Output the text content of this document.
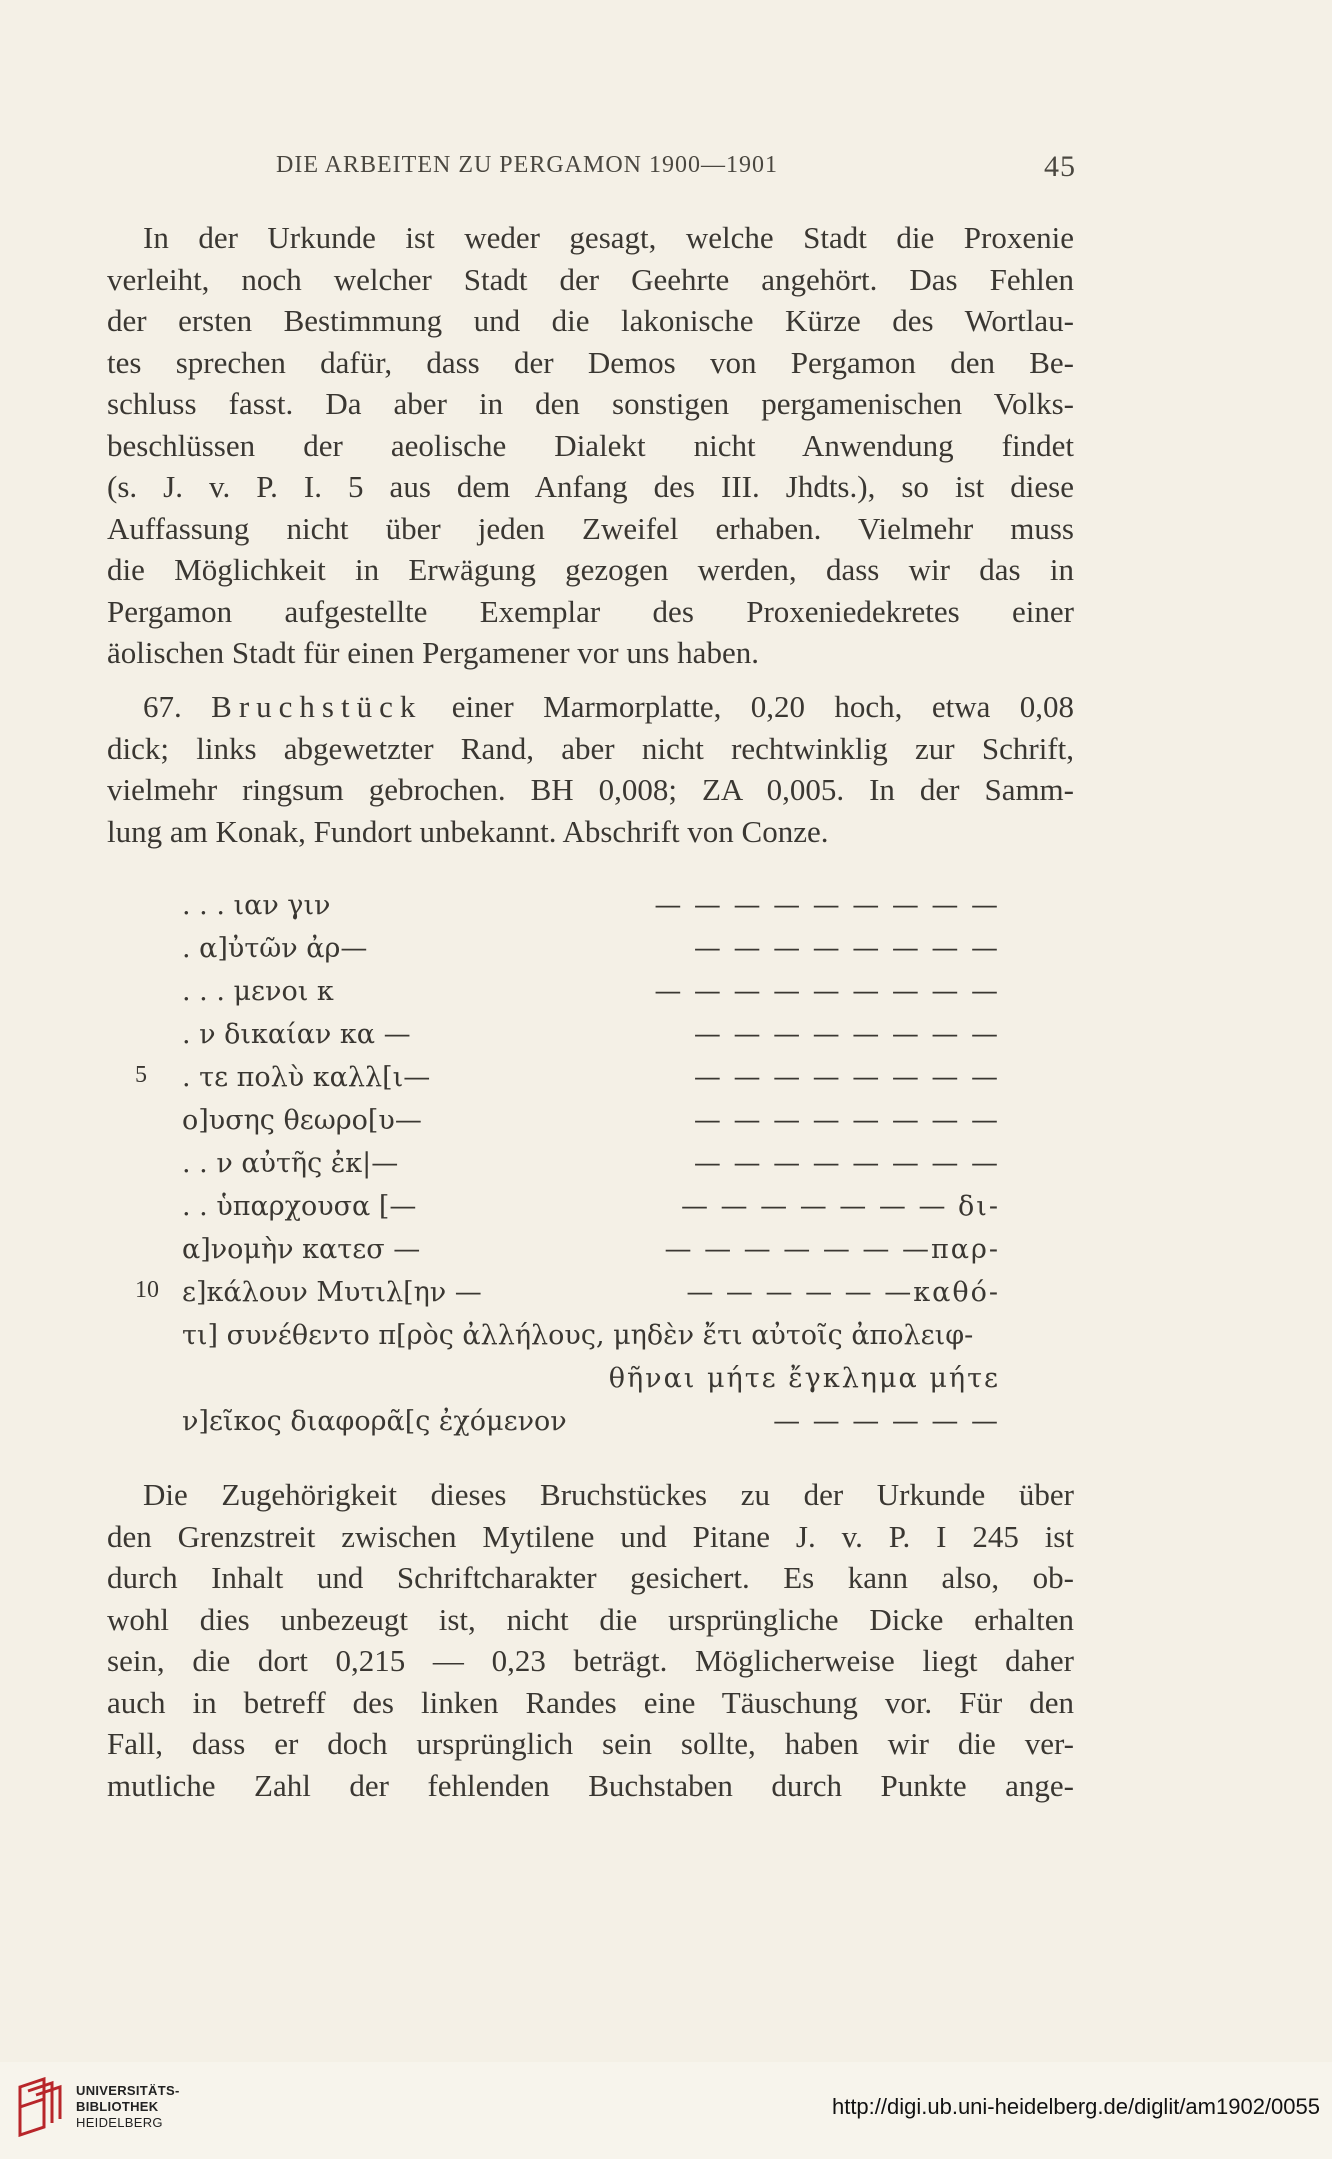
DIE ARBEITEN ZU PERGAMON 1900—1901	45
In der Urkunde ist weder gesagt, welche Stadt die Proxenie
verleiht, noch welcher Stadt der Geehrte angehört. Das Fehlen
der ersten Bestimmung und die lakonische Kürze des Wortlau-
tes sprechen dafür, dass der Demos von Pergamon den Be-
schluss fasst. Da aber in den sonstigen pergamenischen Volks-
beschlüssen der aeolische Dialekt nicht Anwendung findet
(s. J. v. P. I. 5 aus dem Anfang des III. Jhdts.), so ist diese
Auffassung nicht über jeden Zweifel erhaben. Vielmehr muss
die Möglichkeit in Erwägung gezogen werden, dass wir das in
Pergamon aufgestellte Exemplar des Proxeniedekretes einer
äolischen Stadt für einen Pergamener vor uns haben.
67. Bruchstück einer Marmorplatte, 0,20 hoch, etwa 0,08
dick; links abgewetzter Rand, aber nicht rechtwinklig zur Schrift,
vielmehr ringsum gebrochen. BH 0,008; ZA 0,005. In der Samm-
lung am Konak, Fundort unbekannt. Abschrift von Conze.
. . . ιαν γιν	— — — — — — — — —
. α]ὐτῶν ἀρ—	— — — — — — — —
. . . μενοι κ	— — — — — — — — —
. ν δικαίαν κα —	— — — — — — — —
5	. τε πολὺ καλλ[ι—	— — — — — — — —
ο]υσης θεωρο[υ—	— — — — — — — —
. . ν αὐτῆς ἐκ|—	— — — — — — — —
. . ὑπαρχουσα [—	— — — — — — — δι-
α]νομὴν κατεσ —	— — — — — — —παρ-
10 ε]κάλουν Μυτιλ[ην —	— — — — — —καθό-
τι] συνέθεντο π[ρὸς ἀλλήλους, μηδὲν ἔτι αὐτοῖς ἀπολειφ-
θῆναι μήτε ἔγκλημα μήτε
ν]εῖκος διαφορᾶ[ς ἐχόμενον	— — — — — —
Die Zugehörigkeit dieses Bruchstückes zu der Urkunde über
den Grenzstreit zwischen Mytilene und Pitane J. v. P. I 245 ist
durch Inhalt und Schriftcharakter gesichert. Es kann also, ob-
wohl dies unbezeugt ist, nicht die ursprüngliche Dicke erhalten
sein, die dort 0,215 — 0,23 beträgt. Möglicherweise liegt daher
auch in betreff des linken Randes eine Täuschung vor. Für den
Fall, dass er doch ursprünglich sein sollte, haben wir die ver-
mutliche Zahl der fehlenden Buchstaben durch Punkte ange-
UNIVERSITÄTS-
BIBLIOTHEK
HEIDELBERG
http://digi.ub.uni-heidelberg.de/diglit/am1902/0055
